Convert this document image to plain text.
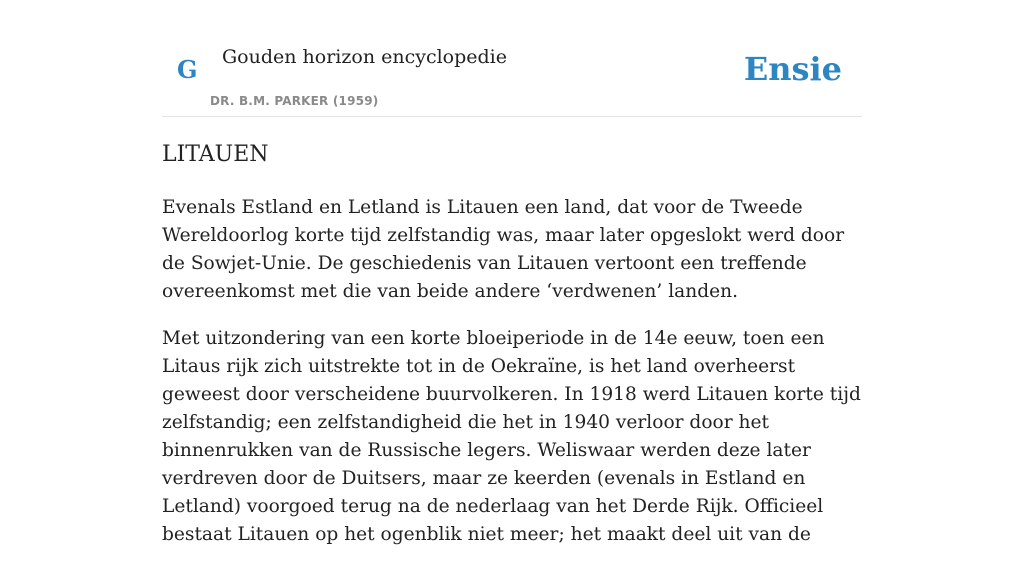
G Gouden horizon encyclopedie
DR. B.M. PARKER (1959)
Ensie
LITAUEN

Evenals Estland en Letland is Litauen een land, dat voor de Tweede Wereldoorlog korte tijd zelfstandig was, maar later opgeslokt werd door de Sowjet-Unie. De geschiedenis van Litauen vertoont een treffende overeenkomst met die van beide andere ‘verdwenen’ landen.

Met uitzondering van een korte bloeiperiode in de 14e eeuw, toen een Litaus rijk zich uitstrekte tot in de Oekraïne, is het land overheerst geweest door verscheidene buurvolkeren. In 1918 werd Litauen korte tijd zelfstandig; een zelfstandigheid die het in 1940 verloor door het binnenrukken van de Russische legers. Weliswaar werden deze later verdreven door de Duitsers, maar ze keerden (evenals in Estland en Letland) voorgoed terug na de nederlaag van het Derde Rijk. Officieel bestaat Litauen op het ogenblik niet meer; het maakt deel uit van de
